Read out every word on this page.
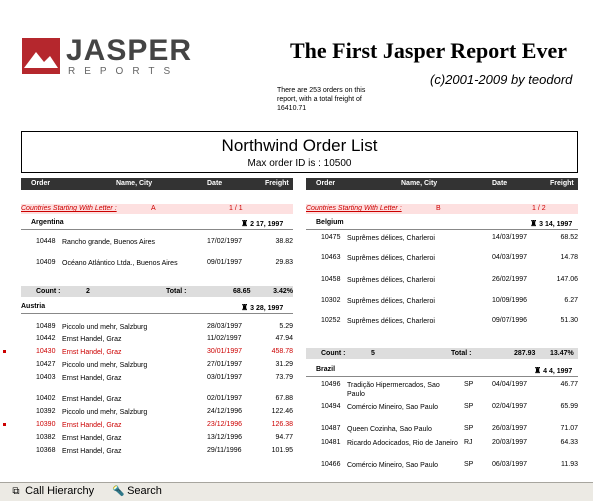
JASPER
REPORTS
The First Jasper Report Ever
(c)2001-2009 by teodord
There are 253 orders on this report, with a total freight of 16410.71
Northwind Order List
Max order ID is : 10500
Order	Name, City	Date	Freight
Countries Starting With Letter :	A	1 / 1
Argentina	♜ 2 17, 1997
10448 Rancho grande, Buenos Aires	17/02/1997	38.82
10409 Océano Atlántico Ltda., Buenos Aires	09/01/1997	29.83
Count :	2	Total :	68.65	3.42%
Austria	♜ 3 28, 1997
10489 Piccolo und mehr, Salzburg	28/03/1997	5.29
10442 Ernst Handel, Graz	11/02/1997	47.94
10430 Ernst Handel, Graz	30/01/1997	458.78
10427 Piccolo und mehr, Salzburg	27/01/1997	31.29
10403 Ernst Handel, Graz	03/01/1997	73.79
10402 Ernst Handel, Graz	02/01/1997	67.88
10392 Piccolo und mehr, Salzburg	24/12/1996	122.46
10390 Ernst Handel, Graz	23/12/1996	126.38
10382 Ernst Handel, Graz	13/12/1996	94.77
10368 Ernst Handel, Graz	29/11/1996	101.95
Order	Name, City	Date	Freight
Countries Starting With Letter :	B	1 / 2
Belgium	♜ 3 14, 1997
10475 Suprêmes délices, Charleroi	14/03/1997	68.52
10463 Suprêmes délices, Charleroi	04/03/1997	14.78
10458 Suprêmes délices, Charleroi	26/02/1997	147.06
10302 Suprêmes délices, Charleroi	10/09/1996	6.27
10252 Suprêmes délices, Charleroi	09/07/1996	51.30
Count :	5	Total :	287.93 13.47%
Brazil	♜ 4 4, 1997
10496 Tradição Hipermercados, Sao Paulo
SP	04/04/1997	46.77
10494 Comércio Mineiro, Sao Paulo	SP	02/04/1997	65.99
10487 Queen Cozinha, Sao Paulo	SP	26/03/1997	71.07
10481 Ricardo Adocicados, Rio de Janeiro RJ	20/03/1997	64.33
10466 Comércio Mineiro, Sao Paulo	SP	06/03/1997	11.93
⧉ Call Hierarchy 🔦 Search
